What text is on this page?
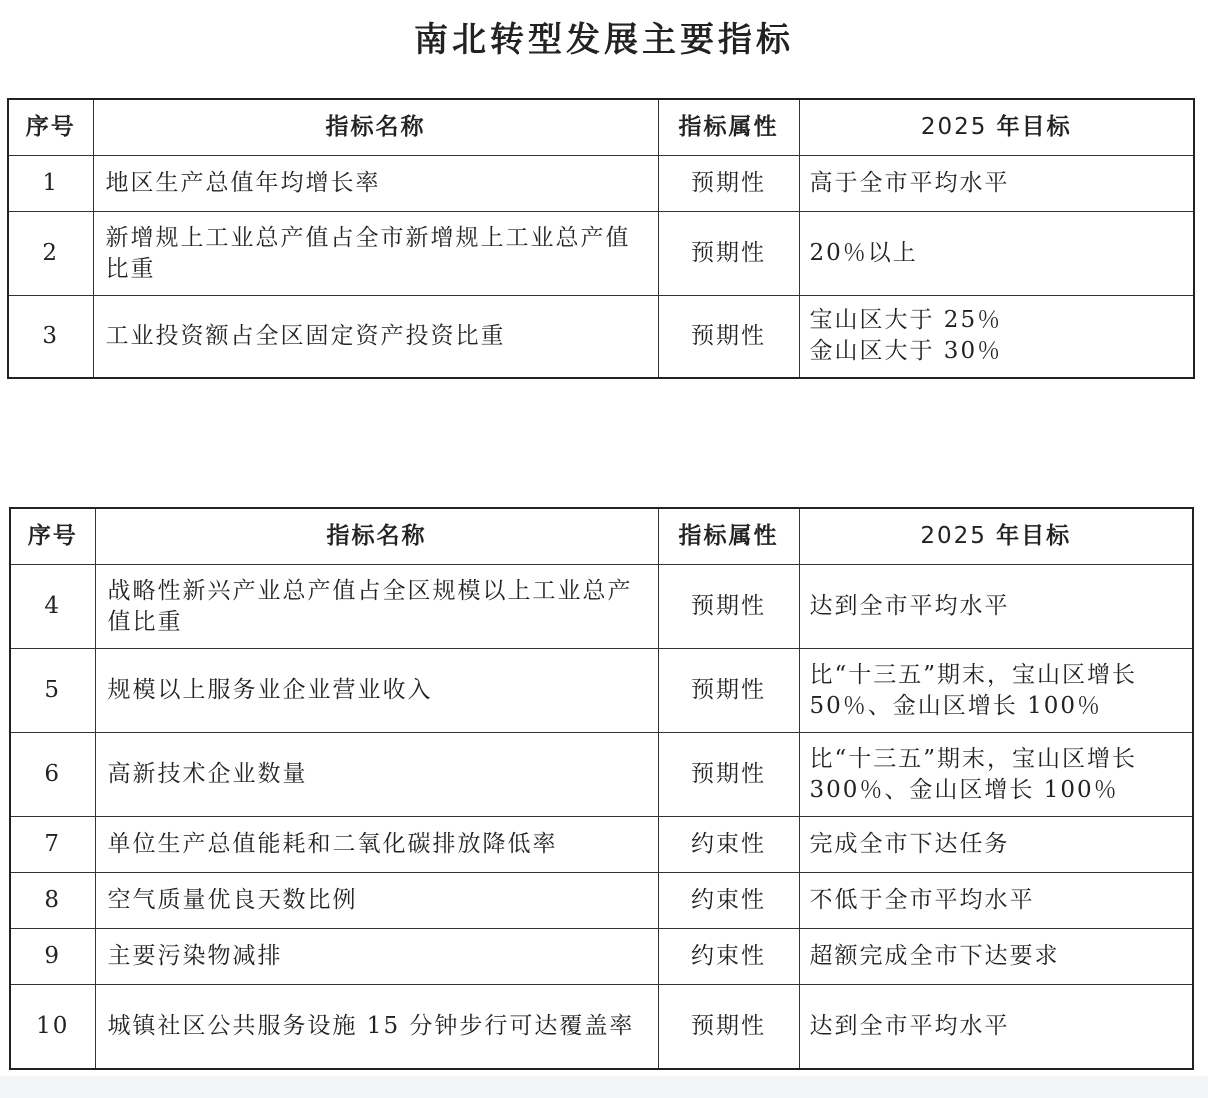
南北转型发展主要指标
序号	指标名称	指标属性	2025 年目标
1	地区生产总值年均增长率	预期性	高于全市平均水平

2	新增规上工业总产值占全市新增规上工业总产值比重	预期性	20％以上

3	工业投资额占全区固定资产投资比重	预期性	宝山区大于 25％
金山区大于 30％
序号	指标名称	指标属性	2025 年目标
4	战略性新兴产业总产值占全区规模以上工业总产值比重	预期性	达到全市平均水平

5	规模以上服务业企业营业收入	预期性	比“十三五”期末，宝山区增长 50％、金山区增长 100％

6	高新技术企业数量	预期性	比“十三五”期末，宝山区增长 300％、金山区增长 100％

7	单位生产总值能耗和二氧化碳排放降低率	约束性	完成全市下达任务

8	空气质量优良天数比例	约束性	不低于全市平均水平

9	主要污染物减排	约束性	超额完成全市下达要求

10	城镇社区公共服务设施 15 分钟步行可达覆盖率	预期性	达到全市平均水平
